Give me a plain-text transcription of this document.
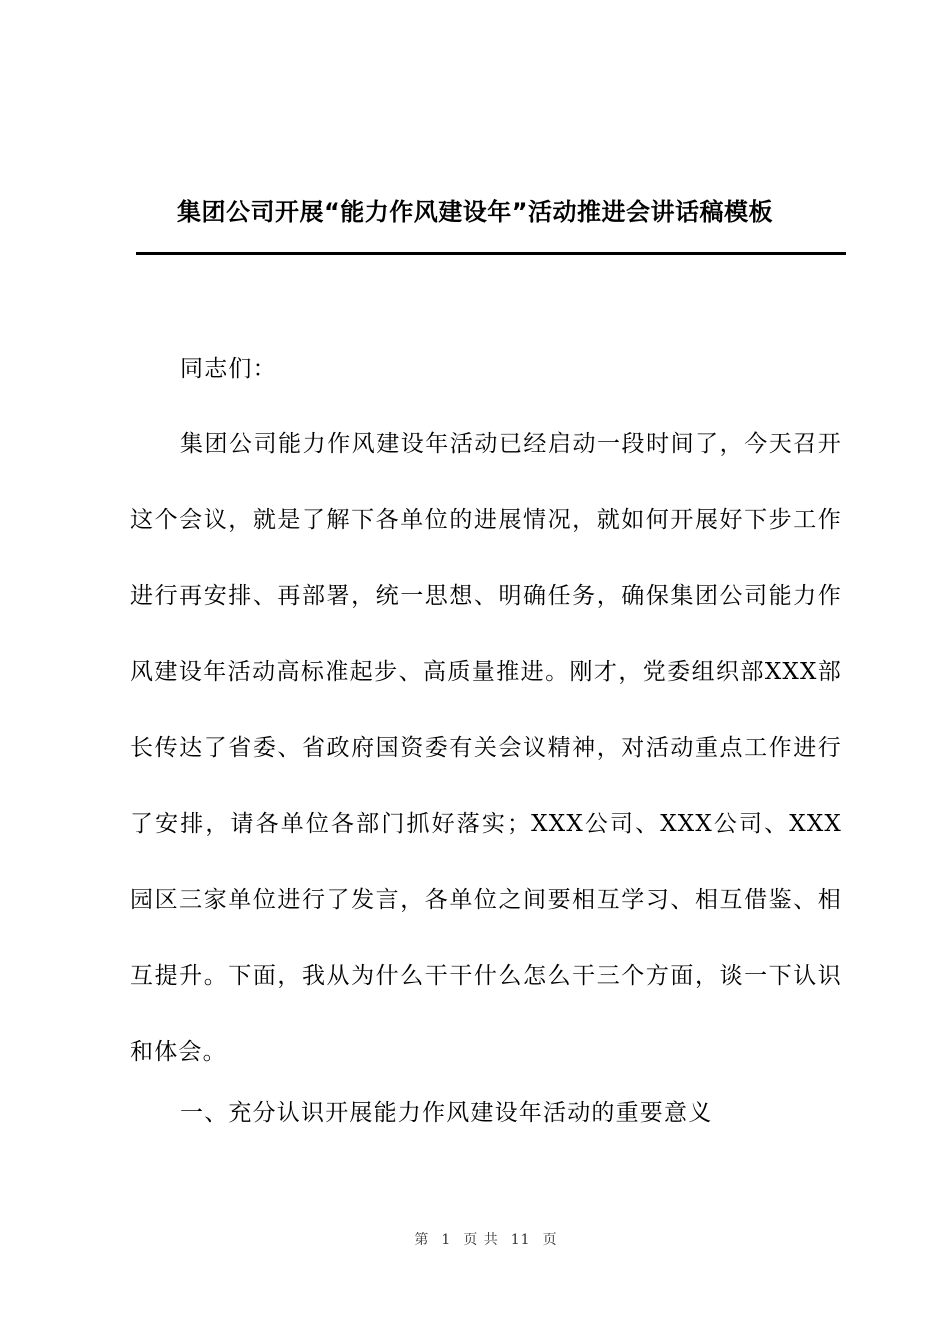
集团公司开展“能力作风建设年”活动推进会讲话稿模板

同志们：

集团公司能力作风建设年活动已经启动一段时间了，今天召开这个会议，就是了解下各单位的进展情况，就如何开展好下步工作进行再安排、再部署，统一思想、明确任务，确保集团公司能力作风建设年活动高标准起步、高质量推进。刚才，党委组织部XXX部长传达了省委、省政府国资委有关会议精神，对活动重点工作进行了安排，请各单位各部门抓好落实；XXX公司、XXX公司、XXX园区三家单位进行了发言，各单位之间要相互学习、相互借鉴、相互提升。下面，我从为什么干干什么怎么干三个方面，谈一下认识和体会。

一、充分认识开展能力作风建设年活动的重要意义

第 1 页 共 11 页
